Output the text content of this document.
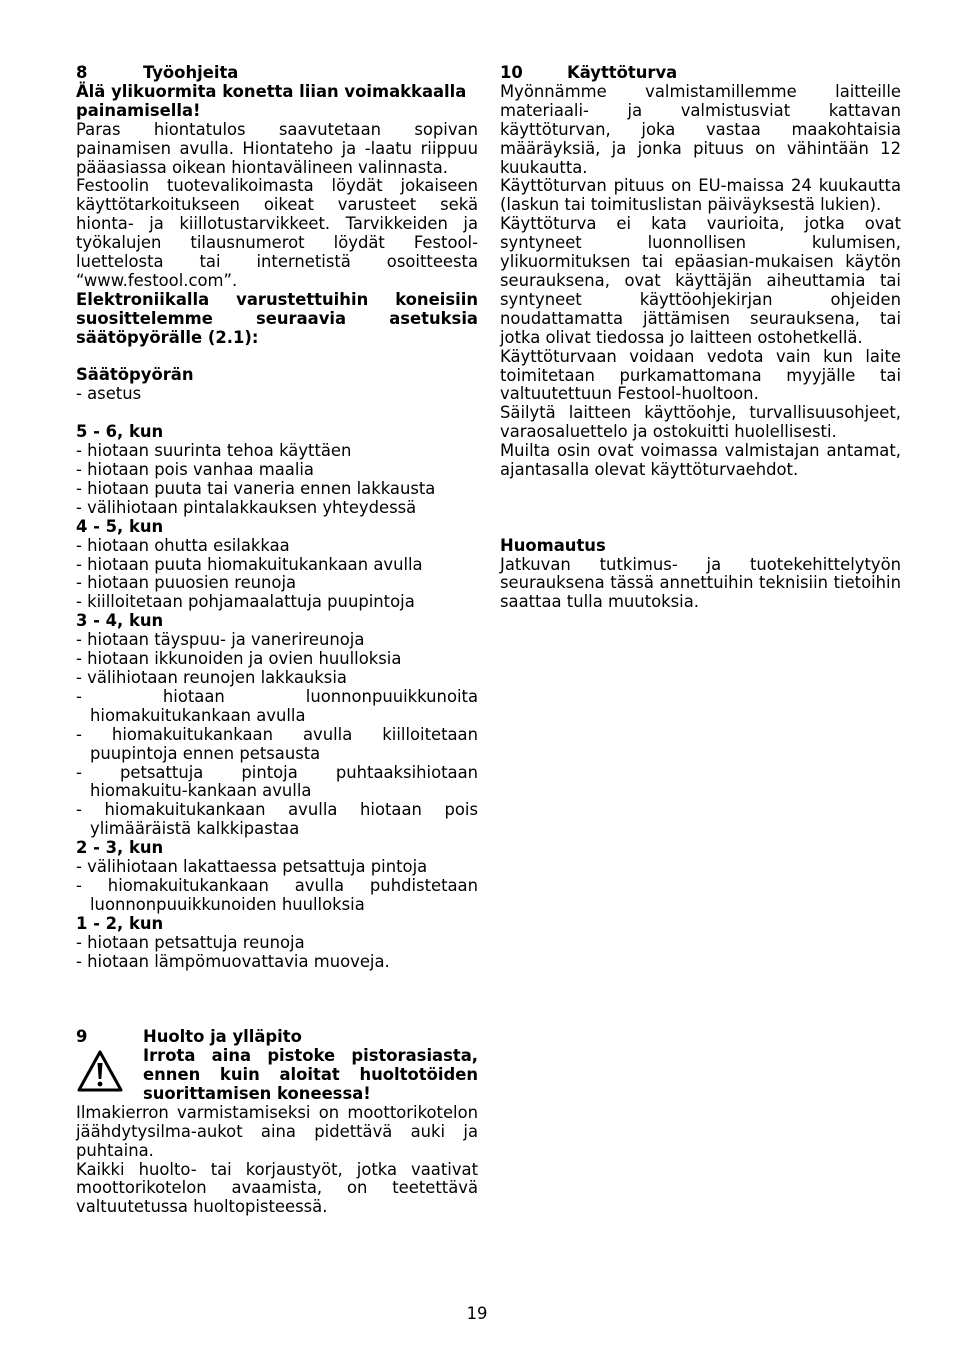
8	Työohjeita

Älä ylikuormita konetta liian voimakkaalla painamisella!

Paras hiontatulos saavutetaan sopivan painamisen avulla. Hiontateho ja -laatu riippuu pääasiassa oikean hiontavälineen valinnasta.

Festoolin tuotevalikoimasta löydät jokaiseen käyttötarkoitukseen oikeat varusteet sekä hionta- ja kiillotustarvikkeet. Tarvikkeiden ja työkalujen tilausnumerot löydät Festool-luettelosta tai internetistä osoitteesta “www.festool.com”.

Elektroniikalla varustettuihin koneisiin suosittelemme seuraavia asetuksia säätöpyörälle (2.1):

Säätöpyörän

- asetus

5 - 6, kun

- hiotaan suurinta tehoa käyttäen

- hiotaan pois vanhaa maalia

- hiotaan puuta tai vaneria ennen lakkausta

- välihiotaan pintalakkauksen yhteydessä

4 - 5, kun

- hiotaan ohutta esilakkaa

- hiotaan puuta hiomakuitukankaan avulla

- hiotaan puuosien reunoja

- kiilloitetaan pohjamaalattuja puupintoja

3 - 4, kun

- hiotaan täyspuu- ja vanerireunoja

- hiotaan ikkunoiden ja ovien huulloksia

- välihiotaan reunojen lakkauksia

- hiotaan luonnonpuuikkunoita hiomakuitukankaan avulla

- hiomakuitukankaan avulla kiilloitetaan puupintoja ennen petsausta

- petsattuja pintoja puhtaaksihiotaan hiomakuitu-kankaan avulla

- hiomakuitukankaan avulla hiotaan pois ylimääräistä kalkkipastaa

2 - 3, kun

- välihiotaan lakattaessa petsattuja pintoja

- hiomakuitukankaan avulla puhdistetaan luonnonpuuikkunoiden huulloksia

1 - 2, kun

- hiotaan petsattuja reunoja

- hiotaan lämpömuovattavia muoveja.

9	Huolto ja ylläpito

Irrota aina pistoke pistorasiasta, ennen kuin aloitat huoltotöiden suorittamisen koneessa!

Ilmakierron varmistamiseksi on moottorikotelon jäähdytysilma-aukot aina pidettävä auki ja puhtaina.

Kaikki huolto- tai korjaustyöt, jotka vaativat moottorikotelon avaamista, on teetettävä valtuutetussa huoltopisteessä.

10	Käyttöturva

Myönnämme valmistamillemme laitteille materiaali- ja valmistusviat kattavan käyttöturvan, joka vastaa maakohtaisia määräyksiä, ja jonka pituus on vähintään 12 kuukautta.

Käyttöturvan pituus on EU-maissa 24 kuukautta (laskun tai toimituslistan päiväyksestä lukien).

Käyttöturva ei kata vaurioita, jotka ovat syntyneet luonnollisen kulumisen, ylikuormituksen tai epäasian-mukaisen käytön seurauksena, ovat käyttäjän aiheuttamia tai syntyneet käyttöohjekirjan ohjeiden noudattamatta jättämisen seurauksena, tai jotka olivat tiedossa jo laitteen ostohetkellä.

Käyttöturvaan voidaan vedota vain kun laite toimitetaan purkamattomana myyjälle tai valtuutettuun Festool-huoltoon.

Säilytä laitteen käyttöohje, turvallisuusohjeet, varaosaluettelo ja ostokuitti huolellisesti.

Muilta osin ovat voimassa valmistajan antamat, ajantasalla olevat käyttöturvaehdot.

Huomautus

Jatkuvan tutkimus- ja tuotekehittelytyön seurauksena tässä annettuihin teknisiin tietoihin saattaa tulla muutoksia.

19
